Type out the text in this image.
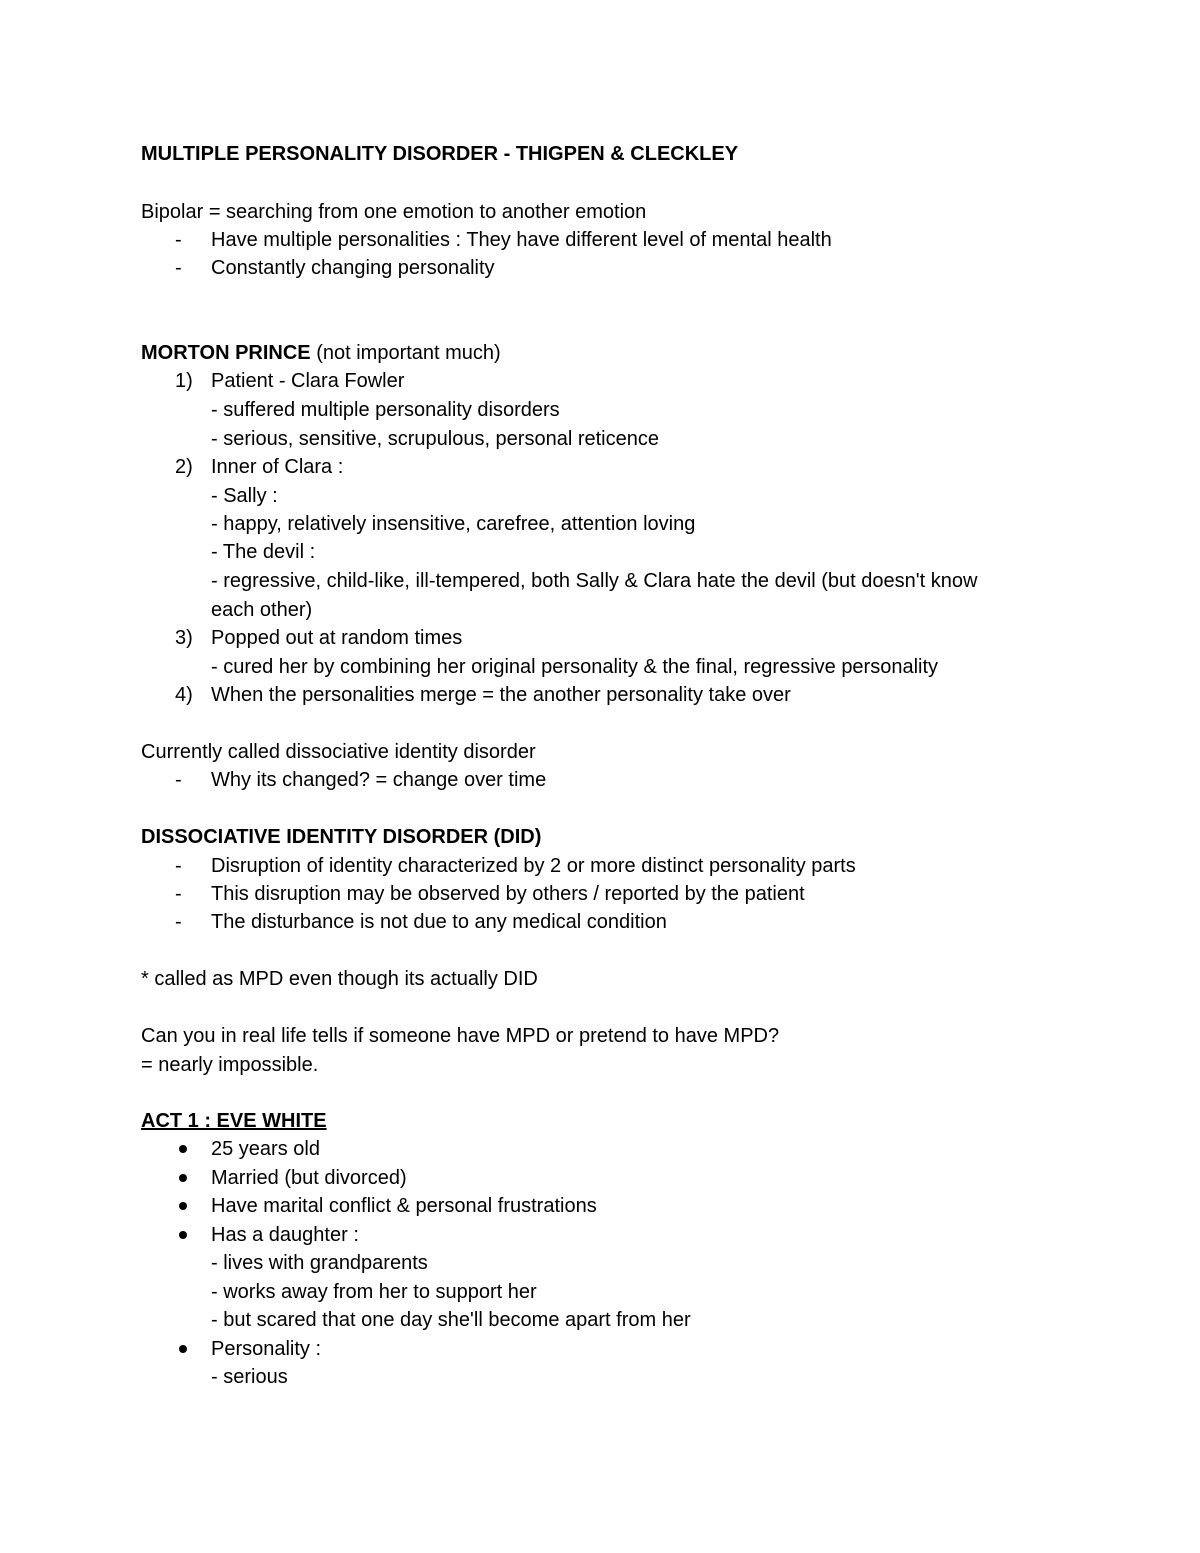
MULTIPLE PERSONALITY DISORDER - THIGPEN & CLECKLEY
Bipolar = searching from one emotion to another emotion
- Have multiple personalities : They have different level of mental health
- Constantly changing personality
MORTON PRINCE (not important much)
1) Patient - Clara Fowler
- suffered multiple personality disorders
- serious, sensitive, scrupulous, personal reticence
2) Inner of Clara :
- Sally :
- happy, relatively insensitive, carefree, attention loving
- The devil :
- regressive, child-like, ill-tempered, both Sally & Clara hate the devil (but doesn't know
each other)
3) Popped out at random times
- cured her by combining her original personality & the final, regressive personality
4) When the personalities merge = the another personality take over
Currently called dissociative identity disorder
- Why its changed? = change over time
DISSOCIATIVE IDENTITY DISORDER (DID)
- Disruption of identity characterized by 2 or more distinct personality parts
- This disruption may be observed by others / reported by the patient
- The disturbance is not due to any medical condition
* called as MPD even though its actually DID
Can you in real life tells if someone have MPD or pretend to have MPD?
= nearly impossible.
ACT 1 : EVE WHITE
25 years old
Married (but divorced)
Have marital conflict & personal frustrations
Has a daughter :
- lives with grandparents
- works away from her to support her
- but scared that one day she'll become apart from her
Personality :
- serious
